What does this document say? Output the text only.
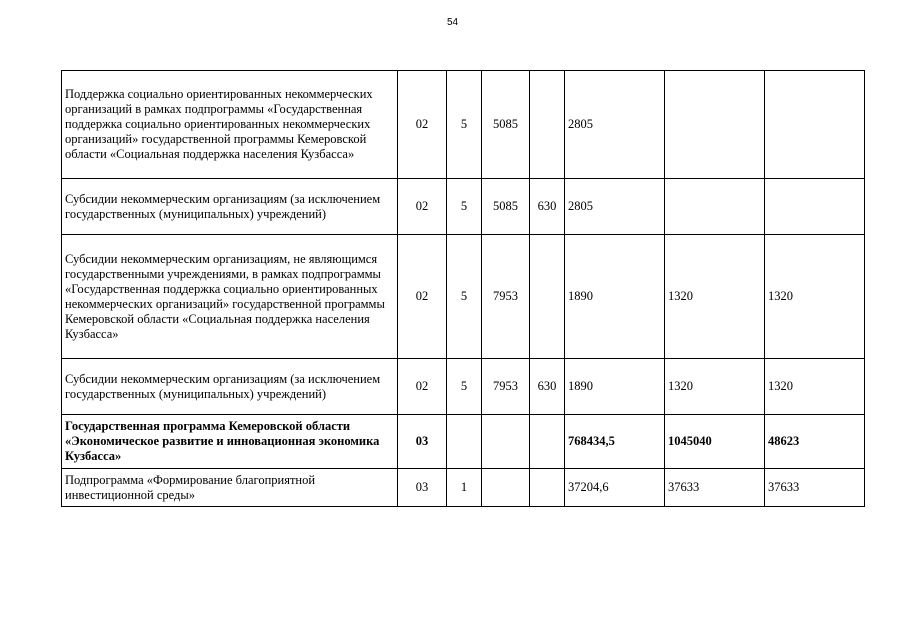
54
Поддержка социально ориентированных некоммерческих организаций в рамках подпрограммы «Государственная поддержка социально ориентированных некоммерческих организаций» государственной программы Кемеровской области «Социальная поддержка населения Кузбасса»	02	5	5085		2805		
Субсидии некоммерческим организациям (за исключением государственных (муниципальных) учреждений)	02	5	5085	630	2805		
Субсидии некоммерческим организациям, не являющимся государственными учреждениями, в рамках подпрограммы «Государственная поддержка социально ориентированных некоммерческих организаций» государственной программы Кемеровской области «Социальная поддержка населения Кузбасса»	02	5	7953		1890	1320	1320
Субсидии некоммерческим организациям (за исключением государственных (муниципальных) учреждений)	02	5	7953	630	1890	1320	1320
Государственная программа Кемеровской области «Экономическое развитие и инновационная экономика Кузбасса»	03				768434,5	1045040	48623
Подпрограмма «Формирование благоприятной инвестиционной среды»	03	1			37204,6	37633	37633
